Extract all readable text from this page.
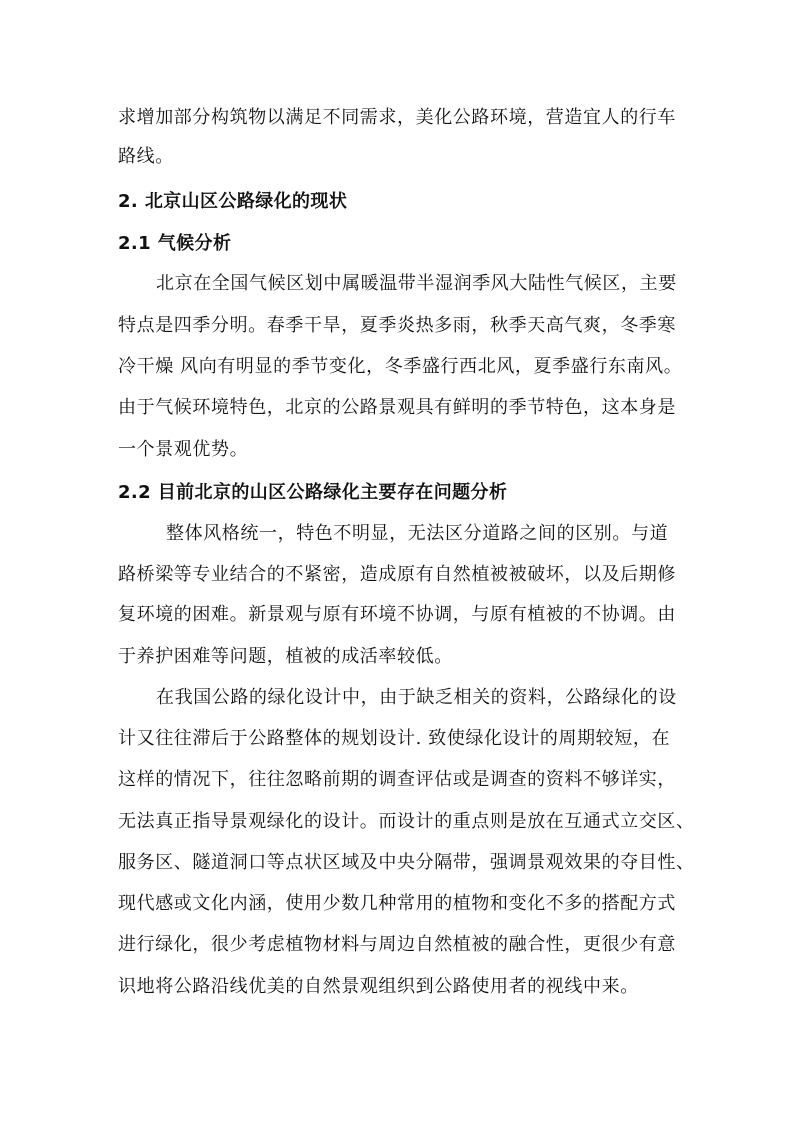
求增加部分构筑物以满足不同需求，美化公路环境，营造宜人的行车
路线。
2. 北京山区公路绿化的现状
2.1 气候分析
北京在全国气候区划中属暖温带半湿润季风大陆性气候区，主要
特点是四季分明。春季干旱，夏季炎热多雨，秋季天高气爽，冬季寒
冷干燥 风向有明显的季节变化，冬季盛行西北风，夏季盛行东南风。
由于气候环境特色，北京的公路景观具有鲜明的季节特色，这本身是
一个景观优势。
2.2 目前北京的山区公路绿化主要存在问题分析
整体风格统一，特色不明显，无法区分道路之间的区别。与道
路桥梁等专业结合的不紧密，造成原有自然植被被破坏，以及后期修
复环境的困难。新景观与原有环境不协调，与原有植被的不协调。由
于养护困难等问题，植被的成活率较低。
在我国公路的绿化设计中，由于缺乏相关的资料，公路绿化的设
计又往往滞后于公路整体的规划设计. 致使绿化设计的周期较短，在
这样的情况下，往往忽略前期的调查评估或是调查的资料不够详实，
无法真正指导景观绿化的设计。而设计的重点则是放在互通式立交区、
服务区、隧道洞口等点状区域及中央分隔带，强调景观效果的夺目性、
现代感或文化内涵，使用少数几种常用的植物和变化不多的搭配方式
进行绿化，很少考虑植物材料与周边自然植被的融合性，更很少有意
识地将公路沿线优美的自然景观组织到公路使用者的视线中来。
